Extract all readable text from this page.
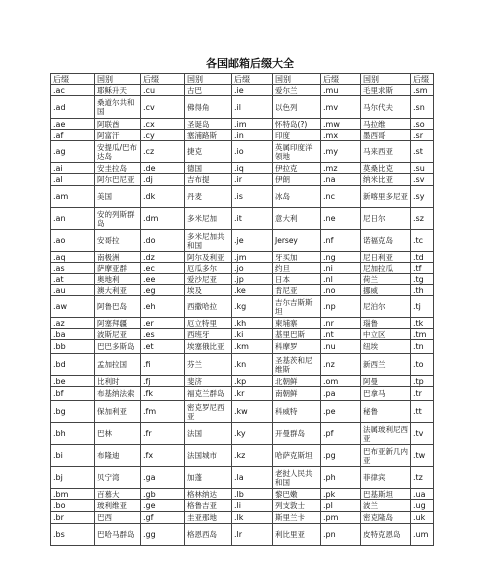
各国邮箱后缀大全
后缀	国别	后缀	国别	后缀	国别	后缀	国别	后缀
.ac	耶稣升天	.cu	古巴	.ie	爱尔兰	.mu	毛里求斯	.sm
.ad	桑道尔共和国	.cv	佛得角	.il	以色列	.mv	马尔代夫	.sn
.ae	阿联酋	.cx	圣诞岛	.im	怀特岛(?)	.mw	马拉维	.so
.af	阿富汗	.cy	塞浦路斯	.in	印度	.mx	墨西哥	.sr
.ag	安提瓜/巴布达岛	.cz	捷克	.io	英属印度洋领地	.my	马来西亚	.st
.ai	安圭拉岛	.de	德国	.iq	伊拉克	.mz	莫桑比克	.su
.al	阿尔巴尼亚	.dj	吉布提	.ir	伊朗	.na	纳米比亚	.sv
.am	美国	.dk	丹麦	.is	冰岛	.nc	新喀里多尼亚	.sy
.an	安的列斯群岛	.dm	多米尼加	.it	意大利	.ne	尼日尔	.sz
.ao	安哥拉	.do	多米尼加共和国	.je	Jersey	.nf	诺福克岛	.tc
.aq	南极洲	.dz	阿尔及利亚	.jm	牙买加	.ng	尼日利亚	.td
.as	萨摩亚群	.ec	厄瓜多尔	.jo	约旦	.ni	尼加拉瓜	.tf
.at	奥地利	.ee	爱沙尼亚	.jp	日本	.nl	荷兰	.tg
.au	澳大利亚	.eg	埃及	.ke	肯尼亚	.no	挪威	.th
.aw	阿鲁巴岛	.eh	西撒哈拉	.kg	吉尔吉斯斯坦	.np	尼泊尔	.tj
.az	阿塞拜疆	.er	厄立特里	.kh	柬埔寨	.nr	瑙鲁	.tk
.ba	波斯尼亚	.es	西班牙	.ki	基里巴斯	.nt	中立区	.tm
.bb	巴巴多斯岛	.et	埃塞俄比亚	.km	科摩罗	.nu	纽埃	.tn
.bd	孟加拉国	.fi	芬兰	.kn	圣基茨和尼维斯	.nz	新西兰	.to
.be	比利时	.fj	斐济	.kp	北朝鲜	.om	阿曼	.tp
.bf	布基纳法索	.fk	福克兰群岛	.kr	南朝鲜	.pa	巴拿马	.tr
.bg	保加利亚	.fm	密克罗尼西亚	.kw	科威特	.pe	秘鲁	.tt
.bh	巴林	.fr	法国	.ky	开曼群岛	.pf	法属玻利尼西亚	.tv
.bi	布隆迪	.fx	法国城市	.kz	哈萨克斯坦	.pg	巴布亚新几内亚	.tw
.bj	贝宁湾	.ga	加蓬	.la	老挝人民共和国	.ph	菲律宾	.tz
.bm	百慕大	.gb	格林纳达	.lb	黎巴嫩	.pk	巴基斯坦	.ua
.bo	玻利维亚	.ge	格鲁吉亚	.li	列支敦士	.pl	波兰	.ug
.br	巴西	.gf	圭亚那地	.lk	斯里兰卡	.pm	密克隆岛	.uk
.bs	巴哈马群岛	.gg	格恩西岛	.lr	利比里亚	.pn	皮特克恩岛	.um
